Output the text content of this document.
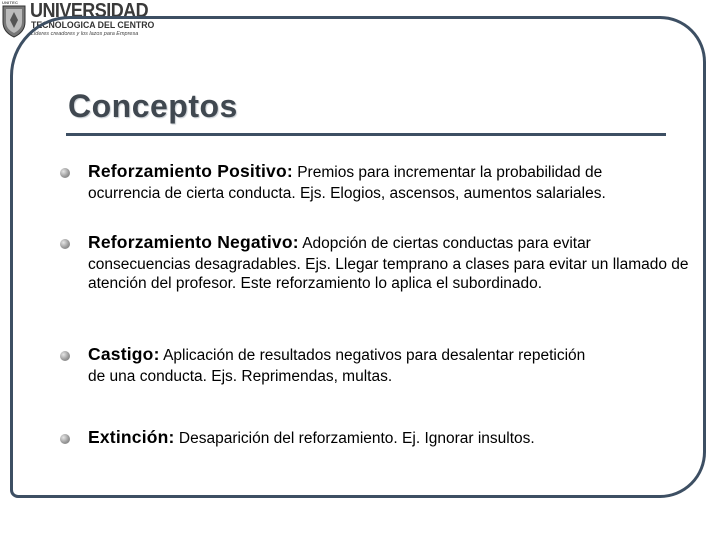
UNITEC UNIVERSIDAD
TECNOLOGICA DEL CENTRO
Lideres creadores y los lazos para Empresa
Conceptos
Reforzamiento Positivo: Premios para incrementar la probabilidad de
ocurrencia de cierta conducta. Ejs. Elogios, ascensos, aumentos salariales.
Reforzamiento Negativo: Adopción de ciertas conductas para evitar
consecuencias desagradables. Ejs. Llegar temprano a clases para evitar un llamado de atención del profesor. Este reforzamiento lo aplica el subordinado.
Castigo: Aplicación de resultados negativos para desalentar repetición
de una conducta. Ejs. Reprimendas, multas.
Extinción: Desaparición del reforzamiento. Ej. Ignorar insultos.
